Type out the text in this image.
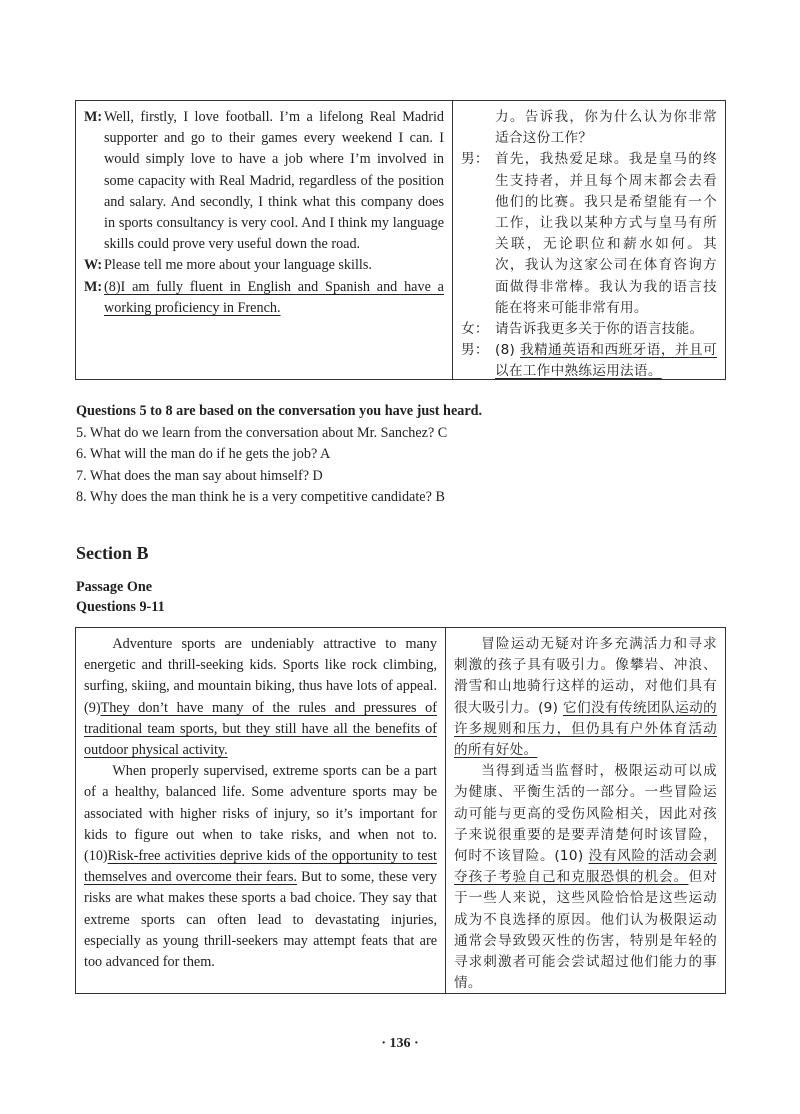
M: Well, firstly, I love football. I’m a lifelong Real Madrid supporter and go to their games every weekend I can. I would simply love to have a job where I’m involved in some capacity with Real Madrid, regardless of the position and salary. And secondly, I think what this company does in sports consultancy is very cool. And I think my language skills could prove very useful down the road.
W: Please tell me more about your language skills.
M: (8)I am fully fluent in English and Spanish and have a working proficiency in French.
力。告诉我，你为什么认为你非常适合这份工作？
男： 首先，我热爱足球。我是皇马的终生支持者，并且每个周末都会去看他们的比赛。我只是希望能有一个工作，让我以某种方式与皇马有所关联，无论职位和薪水如何。其次，我认为这家公司在体育咨询方面做得非常棒。我认为我的语言技能在将来可能非常有用。
女： 请告诉我更多关于你的语言技能。
男： (8) 我精通英语和西班牙语，并且可以在工作中熟练运用法语。
Questions 5 to 8 are based on the conversation you have just heard.
5. What do we learn from the conversation about Mr. Sanchez? C
6. What will the man do if he gets the job? A
7. What does the man say about himself? D
8. Why does the man think he is a very competitive candidate? B
Section B
Passage One
Questions 9-11

Adventure sports are undeniably attractive to many energetic and thrill-seeking kids. Sports like rock climbing, surfing, skiing, and mountain biking, thus have lots of appeal. (9)They don’t have many of the rules and pressures of traditional team sports, but they still have all the benefits of outdoor physical activity.

When properly supervised, extreme sports can be a part of a healthy, balanced life. Some adventure sports may be associated with higher risks of injury, so it’s important for kids to figure out when to take risks, and when not to. (10)Risk-free activities deprive kids of the opportunity to test themselves and overcome their fears. But to some, these very risks are what makes these sports a bad choice. They say that extreme sports can often lead to devastating injuries, especially as young thrill-seekers may attempt feats that are too advanced for them.

冒险运动无疑对许多充满活力和寻求刺激的孩子具有吸引力。像攀岩、冲浪、滑雪和山地骑行这样的运动，对他们具有很大吸引力。(9) 它们没有传统团队运动的许多规则和压力，但仍具有户外体育活动的所有好处。

当得到适当监督时，极限运动可以成为健康、平衡生活的一部分。一些冒险运动可能与更高的受伤风险相关，因此对孩子来说很重要的是要弄清楚何时该冒险，何时不该冒险。(10) 没有风险的活动会剥夺孩子考验自己和克服恐惧的机会。但对于一些人来说，这些风险恰恰是这些运动成为不良选择的原因。他们认为极限运动通常会导致毁灭性的伤害，特别是年轻的寻求刺激者可能会尝试超过他们能力的事情。

· 136 ·
